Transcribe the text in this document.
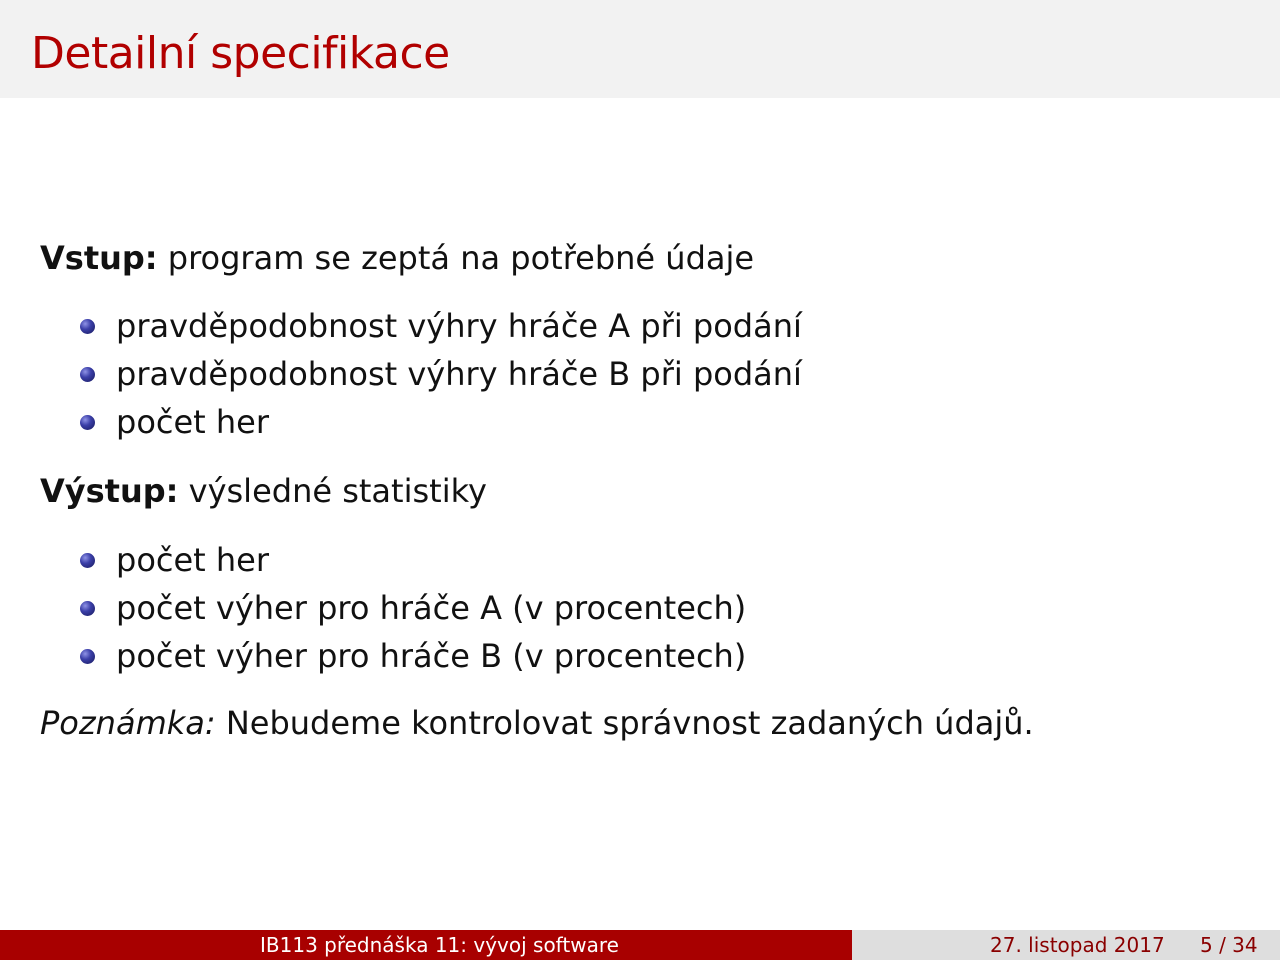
Detailní specifikace
Vstup: program se zeptá na potřebné údaje
pravděpodobnost výhry hráče A při podání
pravděpodobnost výhry hráče B při podání
počet her
Výstup: výsledné statistiky
počet her
počet výher pro hráče A (v procentech)
počet výher pro hráče B (v procentech)
Poznámka: Nebudeme kontrolovat správnost zadaných údajů.
IB113 přednáška 11: vývoj software	27. listopad 2017 5 / 34
